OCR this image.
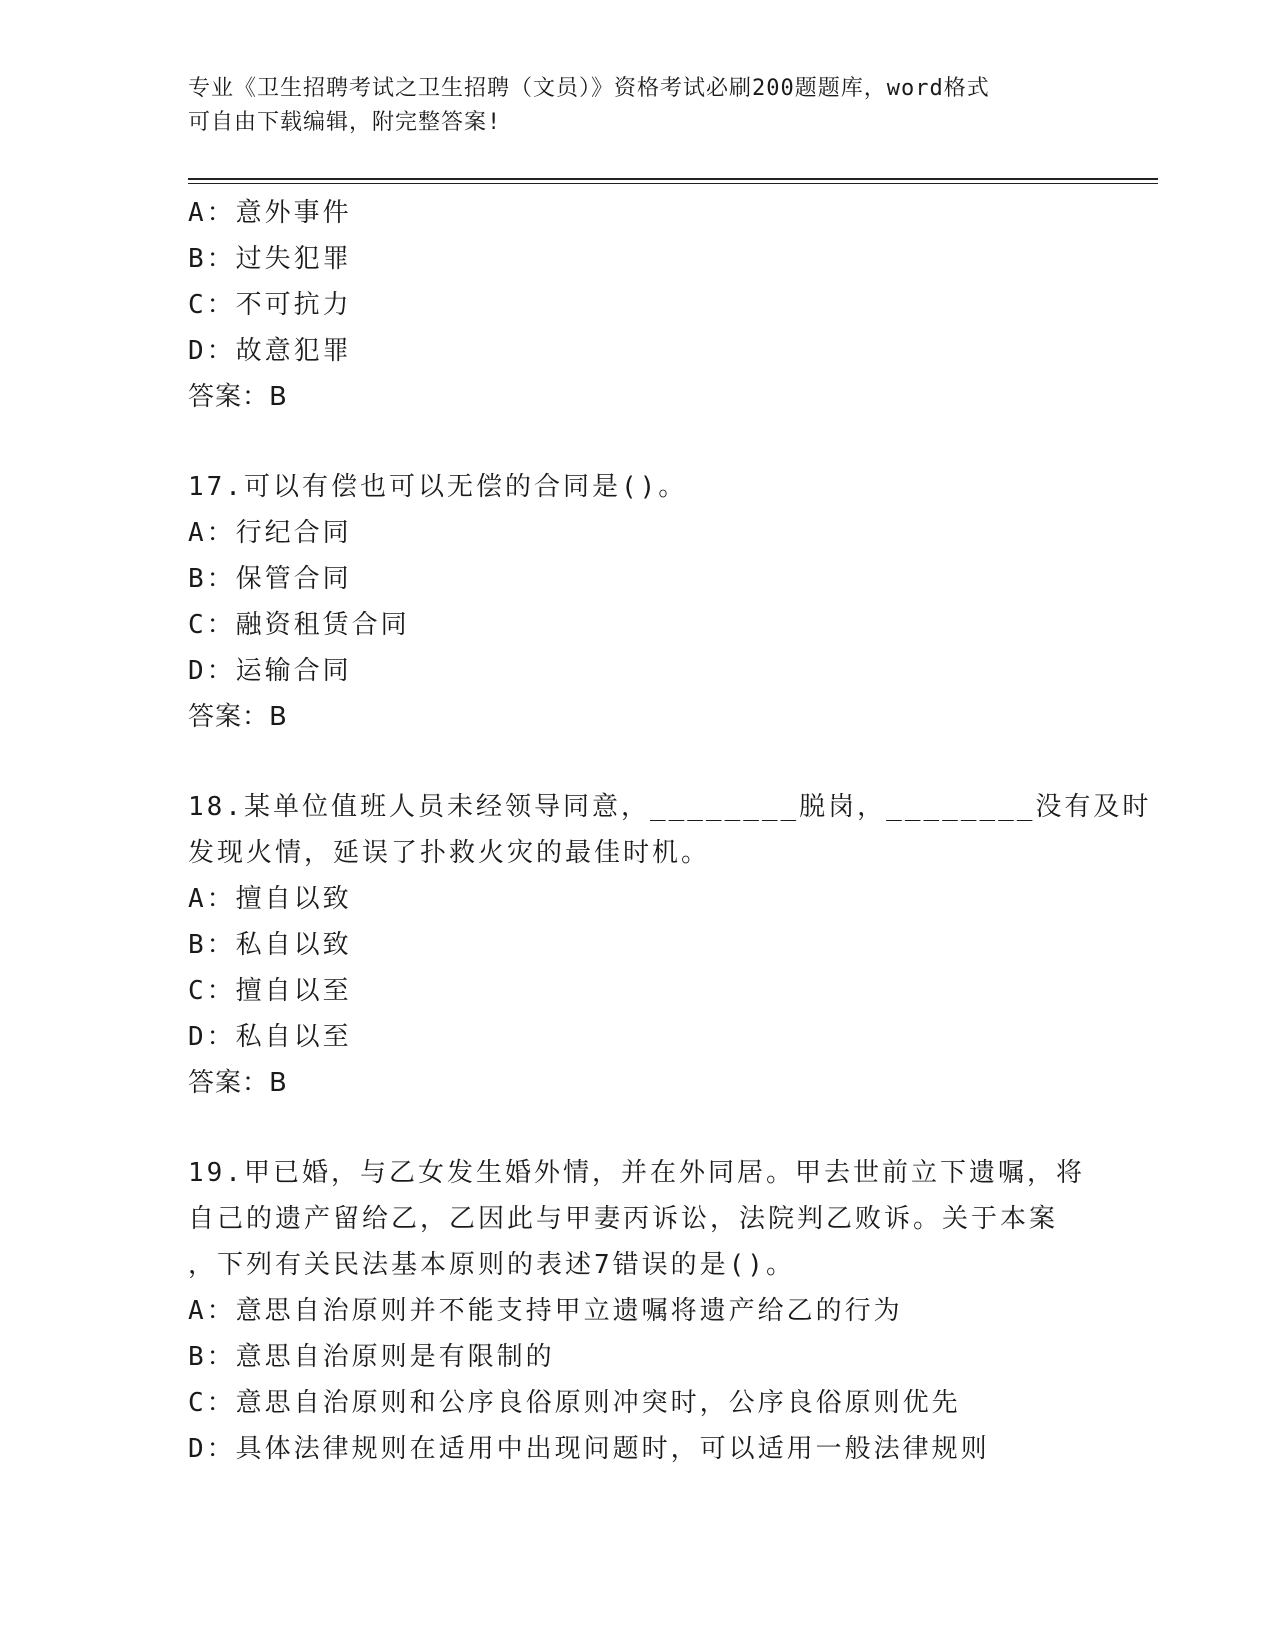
专业《卫生招聘考试之卫生招聘（文员）》资格考试必刷200题题库，word格式
可自由下载编辑，附完整答案!
A：意外事件
B：过失犯罪
C：不可抗力
D：故意犯罪
答案：B
17.可以有偿也可以无偿的合同是()。
A：行纪合同
B：保管合同
C：融资租赁合同
D：运输合同
答案：B
18.某单位值班人员未经领导同意，________脱岗，________没有及时
发现火情，延误了扑救火灾的最佳时机。
A：擅自以致
B：私自以致
C：擅自以至
D：私自以至
答案：B
19.甲已婚，与乙女发生婚外情，并在外同居。甲去世前立下遗嘱，将
自己的遗产留给乙，乙因此与甲妻丙诉讼，法院判乙败诉。关于本案
，下列有关民法基本原则的表述7错误的是()。
A：意思自治原则并不能支持甲立遗嘱将遗产给乙的行为
B：意思自治原则是有限制的
C：意思自治原则和公序良俗原则冲突时，公序良俗原则优先
D：具体法律规则在适用中出现问题时，可以适用一般法律规则
